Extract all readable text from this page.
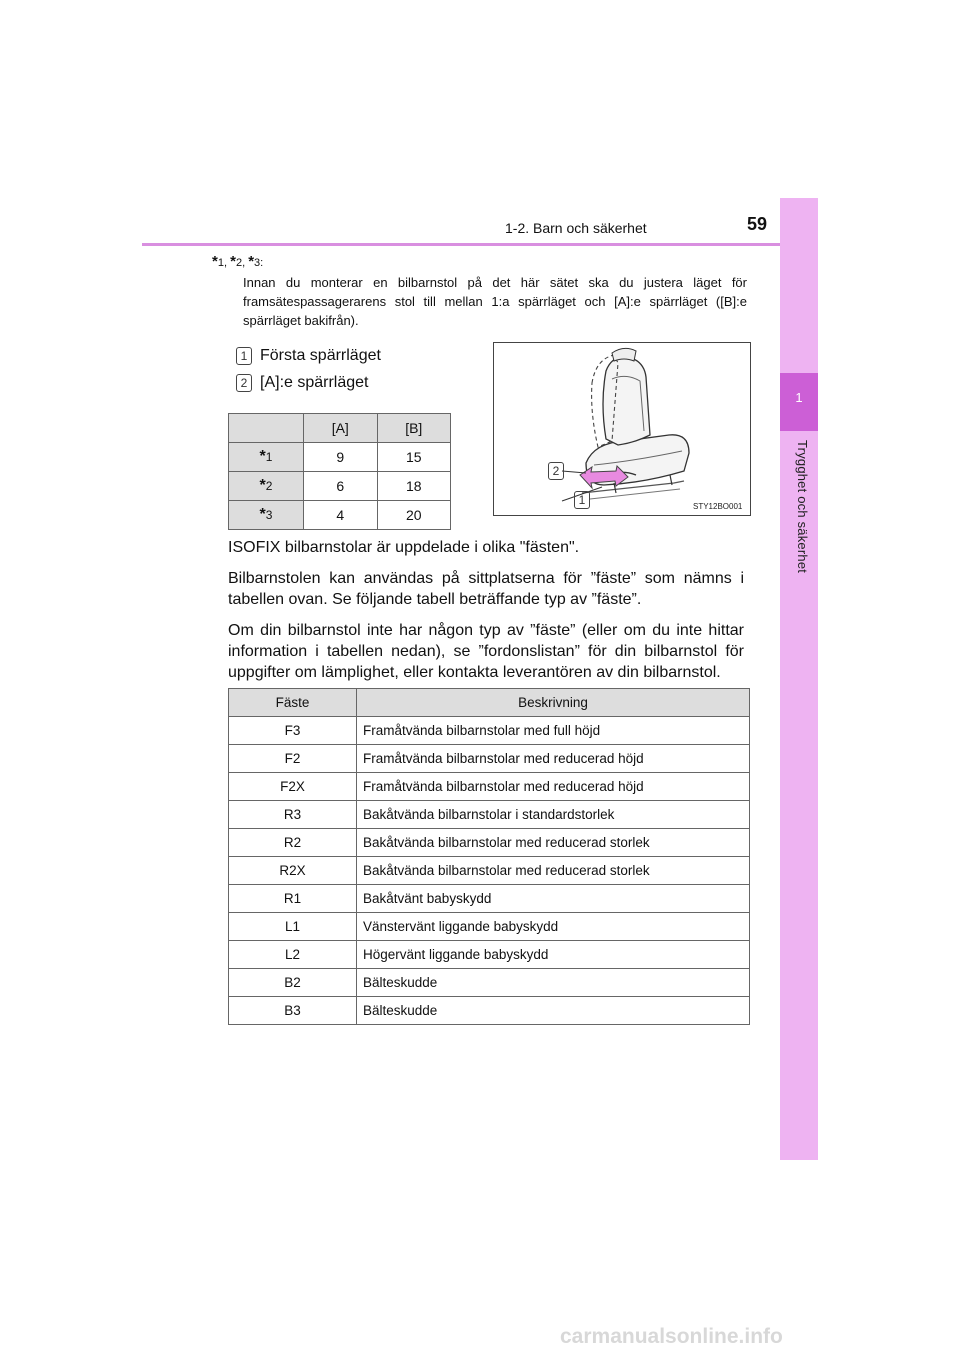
1-2. Barn och säkerhet	59
1
Trygghet och säkerhet
*1, *2, *3:
Innan du monterar en bilbarnstol på det här sätet ska du justera läget för framsätespassagerarens stol till mellan 1:a spärrläget och [A]:e spärrläget ([B]:e spärrläget bakifrån).
1 Första spärrläget
2 [A]:e spärrläget
	[A]	[B]
*1	9	15
*2	6	18
*3	4	20
2
1	STY12BO001

ISOFIX bilbarnstolar är uppdelade i olika "fästen".

Bilbarnstolen kan användas på sittplatserna för ”fäste” som nämns i tabellen ovan. Se följande tabell beträffande typ av ”fäste”.

Om din bilbarnstol inte har någon typ av ”fäste” (eller om du inte hittar information i tabellen nedan), se ”fordonslistan” för din bilbarnstol för uppgifter om lämplighet, eller kontakta leverantören av din bilbarnstol.

Fäste	Beskrivning
F3	Framåtvända bilbarnstolar med full höjd
F2	Framåtvända bilbarnstolar med reducerad höjd
F2X	Framåtvända bilbarnstolar med reducerad höjd
R3	Bakåtvända bilbarnstolar i standardstorlek
R2	Bakåtvända bilbarnstolar med reducerad storlek
R2X	Bakåtvända bilbarnstolar med reducerad storlek
R1	Bakåtvänt babyskydd
L1	Vänstervänt liggande babyskydd
L2	Högervänt liggande babyskydd
B2	Bälteskudde
B3	Bälteskudde
carmanualsonline.info
